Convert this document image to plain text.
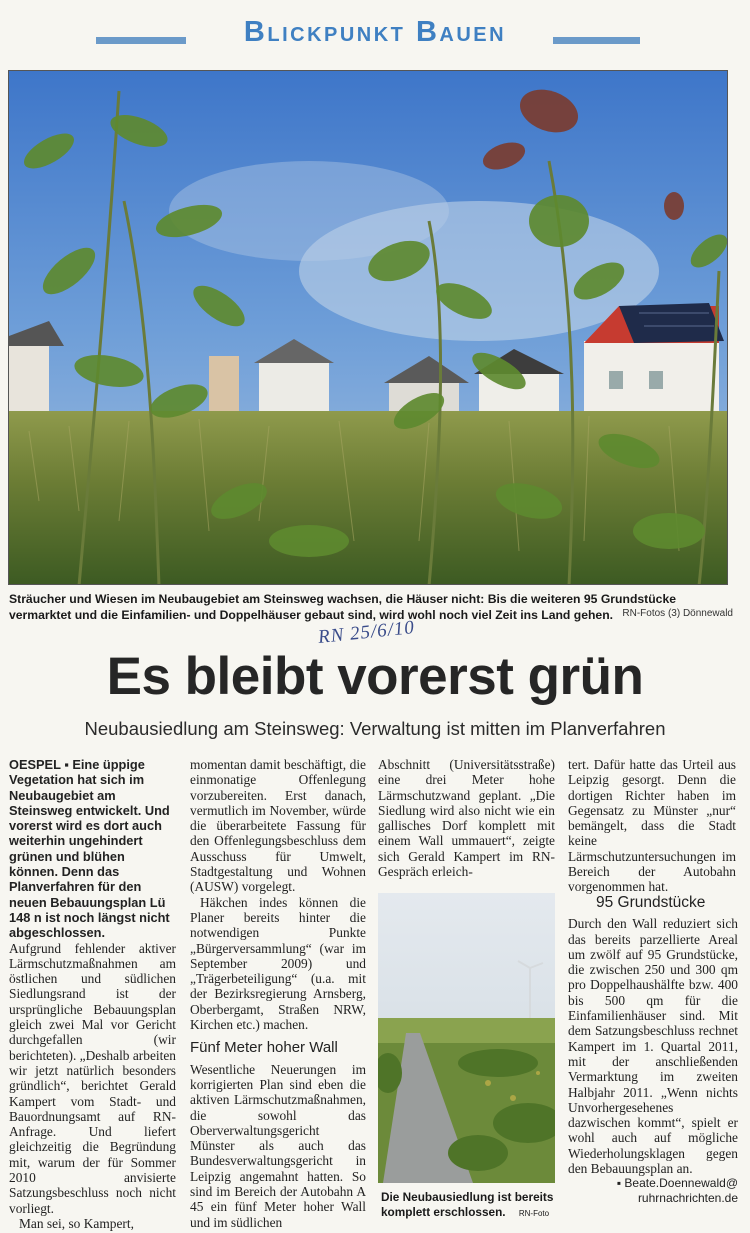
Blickpunkt Bauen
Sträucher und Wiesen im Neubaugebiet am Steinsweg wachsen, die Häuser nicht: Bis die weiteren 95 Grundstücke vermarktet und die Einfamilien- und Doppelhäuser gebaut sind, wird wohl noch viel Zeit ins Land gehen. RN-Fotos (3) Dönnewald
RN 25/6/10
Es bleibt vorerst grün
Neubausiedlung am Steinsweg: Verwaltung ist mitten im Planverfahren

OESPEL ▪ Eine üppige Vegetation hat sich im Neubaugebiet am Steinsweg entwickelt. Und vorerst wird es dort auch weiterhin ungehindert grünen und blühen können. Denn das Planverfahren für den neuen Bebauungsplan Lü 148 n ist noch längst nicht abgeschlossen.

Aufgrund fehlender aktiver Lärmschutzmaßnahmen am östlichen und südlichen Siedlungsrand ist der ursprüngliche Bebauungsplan gleich zwei Mal vor Gericht durchgefallen (wir berichteten). „Deshalb arbeiten wir jetzt natürlich besonders gründlich“, berichtet Gerald Kampert vom Stadt- und Bauordnungsamt auf RN-Anfrage. Und liefert gleichzeitig die Begründung mit, warum der für Sommer 2010 anvisierte Satzungsbeschluss noch nicht vorliegt.

Man sei, so Kampert,

momentan damit beschäftigt, die einmonatige Offenlegung vorzubereiten. Erst danach, vermutlich im November, würde die überarbeitete Fassung für den Offenlegungsbeschluss dem Ausschuss für Umwelt, Stadtgestaltung und Wohnen (AUSW) vorgelegt.

Häkchen indes können die Planer bereits hinter die notwendigen Punkte „Bürgerversammlung“ (war im September 2009) und „Trägerbeteiligung“ (u.a. mit der Bezirksregierung Arnsberg, Oberbergamt, Straßen NRW, Kirchen etc.) machen.

Fünf Meter hoher Wall

Wesentliche Neuerungen im korrigierten Plan sind eben die aktiven Lärmschutzmaßnahmen, die sowohl das Oberverwaltungsgericht Münster als auch das Bundesverwaltungsgericht in Leipzig angemahnt hatten. So sind im Bereich der Autobahn A 45 ein fünf Meter hoher Wall und im südlichen

Abschnitt (Universitätsstraße) eine drei Meter hohe Lärmschutzwand geplant. „Die Siedlung wird also nicht wie ein gallisches Dorf komplett mit einem Wall ummauert“, zeigte sich Gerald Kampert im RN-Gespräch erleich-

Die Neubausiedlung ist bereits komplett erschlossen. RN-Foto

tert. Dafür hatte das Urteil aus Leipzig gesorgt. Denn die dortigen Richter haben im Gegensatz zu Münster „nur“ bemängelt, dass die Stadt keine Lärmschutzuntersuchungen im Bereich der Autobahn vorgenommen hat.

95 Grundstücke

Durch den Wall reduziert sich das bereits parzellierte Areal um zwölf auf 95 Grundstücke, die zwischen 250 und 300 qm pro Doppelhaushälfte bzw. 400 bis 500 qm für die Einfamilienhäuser sind. Mit dem Satzungsbeschluss rechnet Kampert im 1. Quartal 2011, mit der anschließenden Vermarktung im zweiten Halbjahr 2011. „Wenn nichts Unvorhergesehenes dazwischen kommt“, spielt er wohl auch auf mögliche Wiederholungsklagen gegen den Bebauungsplan an.

▪ Beate.Doennewald@ ruhrnachrichten.de
